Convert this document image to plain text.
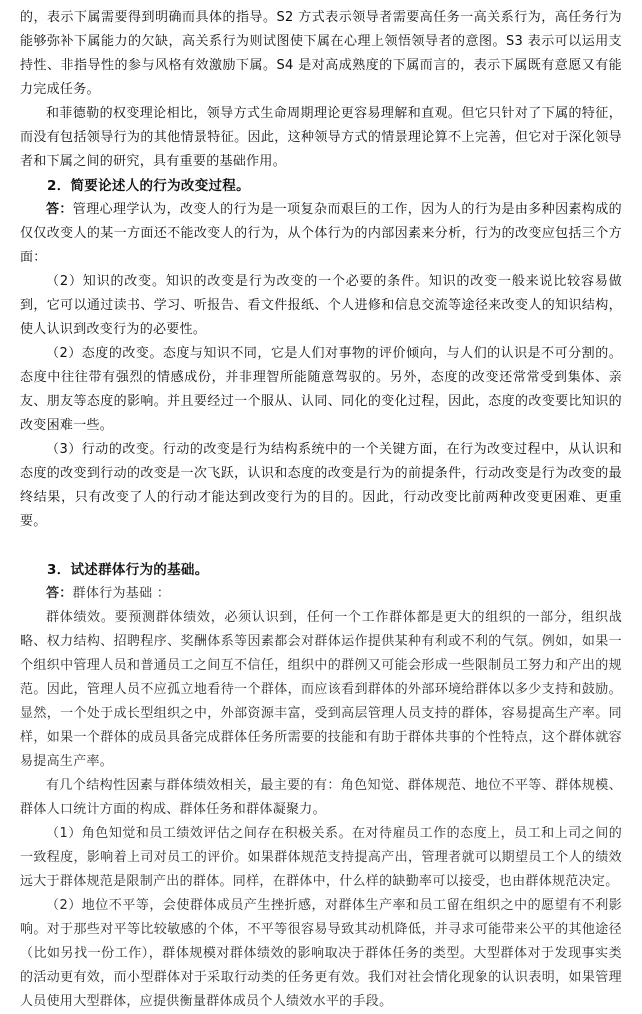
的，表示下属需要得到明确而具体的指导。S2 方式表示领导者需要高任务一高关系行为，高任务行为能够弥补下属能力的欠缺，高关系行为则试图使下属在心理上领悟领导者的意图。S3 表示可以运用支持性、非指导性的参与风格有效激励下属。S4 是对高成熟度的下属而言的，表示下属既有意愿又有能力完成任务。

和菲德勒的权变理论相比，领导方式生命周期理论更容易理解和直观。但它只针对了下属的特征，而没有包括领导行为的其他情景特征。因此，这种领导方式的情景理论算不上完善，但它对于深化领导者和下属之间的研究，具有重要的基础作用。

2．简要论述人的行为改变过程。

答：管理心理学认为，改变人的行为是一项复杂而艰巨的工作，因为人的行为是由多种因素构成的仅仅改变人的某一方面还不能改变人的行为，从个体行为的内部因素来分析，行为的改变应包括三个方面：

（2）知识的改变。知识的改变是行为改变的一个必要的条件。知识的改变一般来说比较容易做到，它可以通过读书、学习、听报告、看文件报纸、个人进修和信息交流等途径来改变人的知识结构，使人认识到改变行为的必要性。

（2）态度的改变。态度与知识不同，它是人们对事物的评价倾向，与人们的认识是不可分割的。态度中往往带有强烈的情感成份，并非理智所能随意驾驭的。另外，态度的改变还常常受到集体、亲友、朋友等态度的影响。并且要经过一个服从、认同、同化的变化过程，因此，态度的改变要比知识的改变困难一些。

（3）行动的改变。行动的改变是行为结构系统中的一个关键方面，在行为改变过程中，从认识和态度的改变到行动的改变是一次飞跃，认识和态度的改变是行为的前提条件，行动改变是行为改变的最终结果，只有改变了人的行动才能达到改变行为的目的。因此，行动改变比前两种改变更困难、更重要。

3．试述群体行为的基础。

答：群体行为基础 ：

群体绩效。要预测群体绩效，必须认识到，任何一个工作群体都是更大的组织的一部分，组织战略、权力结构、招聘程序、奖酬体系等因素都会对群体运作提供某种有利或不利的气氛。例如，如果一个组织中管理人员和普通员工之间互不信任，组织中的群例又可能会形成一些限制员工努力和产出的规范。因此，管理人员不应孤立地看待一个群体，而应该看到群体的外部环境给群体以多少支持和鼓励。显然，一个处于成长型组织之中，外部资源丰富，受到高层管理人员支持的群体，容易提高生产率。同样，如果一个群体的成员具备完成群体任务所需要的技能和有助于群体共事的个性特点，这个群体就容易提高生产率。

有几个结构性因素与群体绩效相关，最主要的有：角色知觉、群体规范、地位不平等、群体规模、群体人口统计方面的构成、群体任务和群体凝聚力。

（1）角色知觉和员工绩效评估之间存在积极关系。在对待雇员工作的态度上，员工和上司之间的一致程度，影响着上司对员工的评价。如果群体规范支持提高产出，管理者就可以期望员工个人的绩效远大于群体规范是限制产出的群体。同样，在群体中，什么样的缺勤率可以接受，也由群体规范决定。

（2）地位不平等，会使群体成员产生挫折感，对群体生产率和员工留在组织之中的愿望有不利影响。对于那些对平等比较敏感的个体，不平等很容易导致其动机降低，并寻求可能带来公平的其他途径（比如另找一份工作），群体规模对群体绩效的影响取决于群体任务的类型。大型群体对于发现事实类的活动更有效，而小型群体对于采取行动类的任务更有效。我们对社会情化现象的认识表明，如果管理人员使用大型群体，应提供衡量群体成员个人绩效水平的手段。
